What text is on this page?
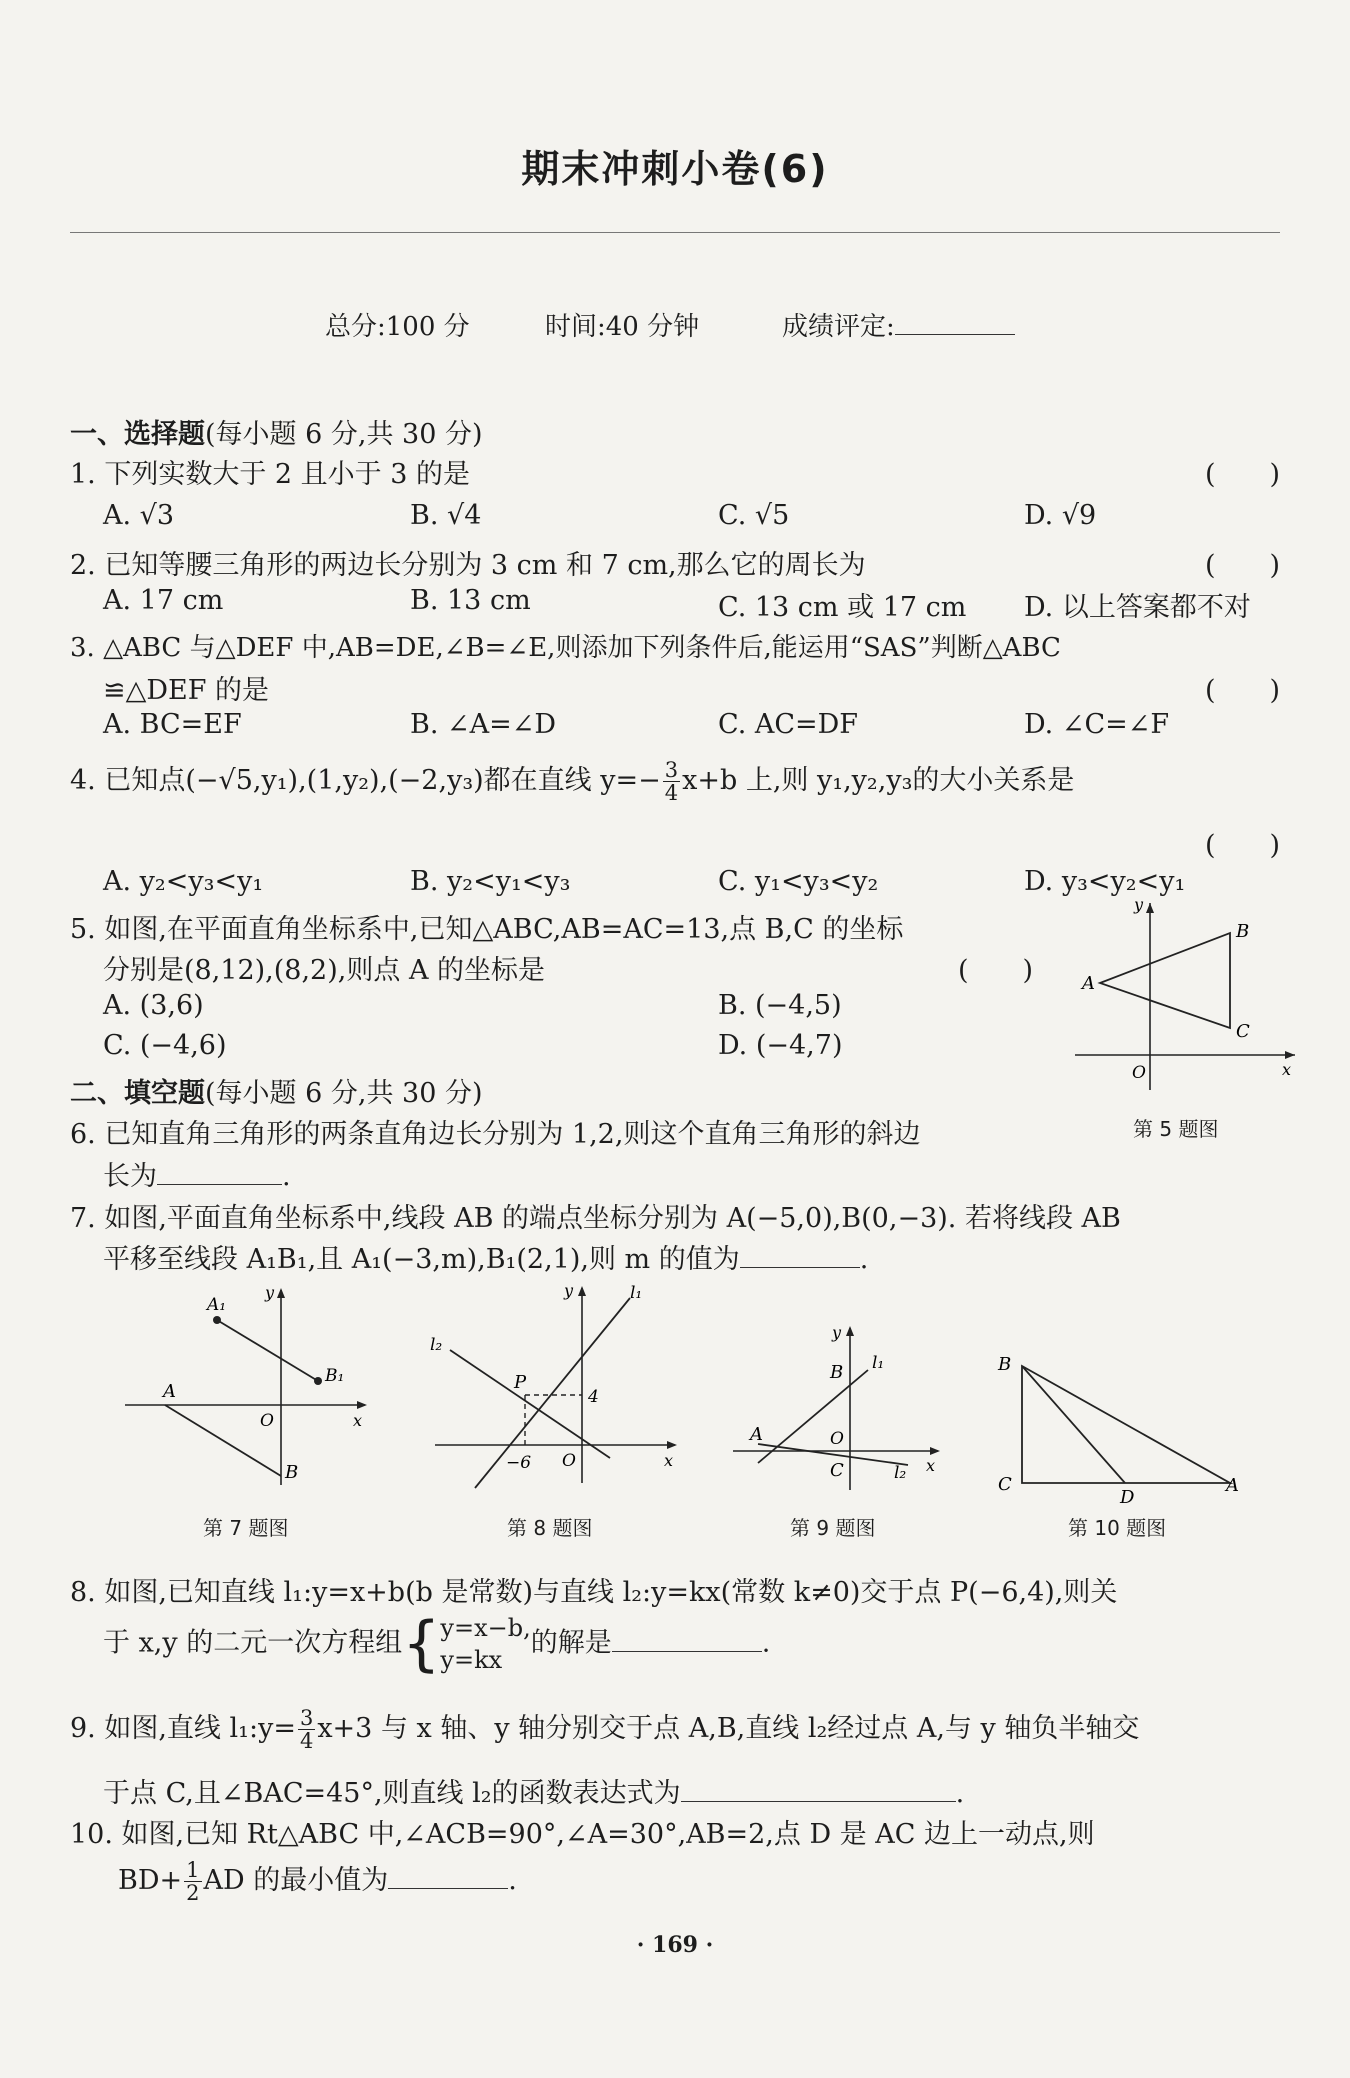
期末冲刺小卷(6)
总分:100 分	时间:40 分钟	成绩评定:
一、选择题(每小题 6 分,共 30 分)
1. 下列实数大于 2 且小于 3 的是	(　　)
A. √3	B. √4	C. √5	D. √9
2. 已知等腰三角形的两边长分别为 3 cm 和 7 cm,那么它的周长为	(　　)
A. 17 cm	B. 13 cm	C. 13 cm 或 17 cm D. 以上答案都不对
3. △ABC 与△DEF 中,AB=DE,∠B=∠E,则添加下列条件后,能运用“SAS”判断△ABC
≌△DEF 的是	(　　)
A. BC=EF	B. ∠A=∠D	C. AC=DF	D. ∠C=∠F
4. 已知点(−√5,y₁),(1,y₂),(−2,y₃)都在直线 $y=- \frac{3}{4} x+b$ 上,则 y₁,y₂,y₃的大小关系是
(　　)
A. y₂<y₃<y₁	B. y₂<y₁<y₃	C. y₁<y₃<y₂	D. y₃<y₂<y₁
5. 如图,在平面直角坐标系中,已知△ABC,AB=AC=13,点 B,C 的坐标
分别是(8,12),(8,2),则点 A 的坐标是	(　　)
A. (3,6)	B. (−4,5)
C. (−4,6)	D. (−4,7)
y
x
O
A
B
C
第 5 题图
二、填空题(每小题 6 分,共 30 分)
6. 已知直角三角形的两条直角边长分别为 1,2,则这个直角三角形的斜边
长为	.
7. 如图,平面直角坐标系中,线段 AB 的端点坐标分别为 A(−5,0),B(0,−3). 若将线段 AB
平移至线段 A₁B₁,且 A₁(−3,m),B₁(2,1),则 m 的值为	.
y
x
O
A
B
A₁
B₁
第 7 题图
y
x
O
P
l₁
l₂
4
−6
第 8 题图
y
x
O
A
B
C
l₁
l₂
第 9 题图
B
C
D
A
第 10 题图
8. 如图,已知直线 l₁:y=x+b(b 是常数)与直线 l₂:y=kx(常数 k≠0)交于点 P(−6,4),则关
于 x,y 的二元一次方程组{ y=x−b,
y=kx
的解是	.
9. 如图,直线 l₁:y= $\frac{3}{4} x+3$ 与 x 轴、y 轴分别交于点 A,B,直线 l₂经过点 A,与 y 轴负半轴交
于点 C,且∠BAC=45°,则直线 l₂的函数表达式为	.
10. 如图,已知 Rt△ABC 中,∠ACB=90°,∠A=30°,AB=2,点 D 是 AC 边上一动点,则
$BD+ \frac{1}{2}$ AD 的最小值为	.
· 169 ·
